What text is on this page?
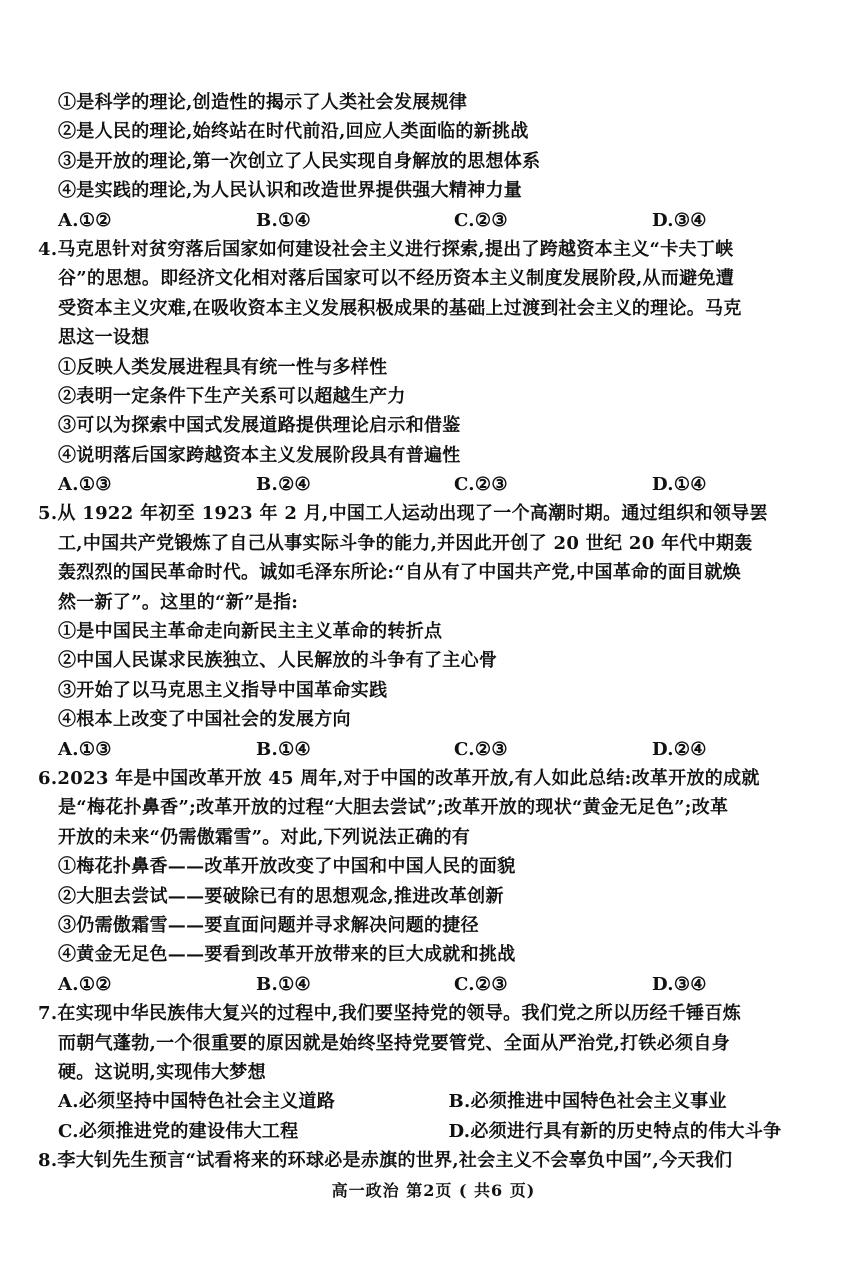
①是科学的理论,创造性的揭示了人类社会发展规律
②是人民的理论,始终站在时代前沿,回应人类面临的新挑战
③是开放的理论,第一次创立了人民实现自身解放的思想体系
④是实践的理论,为人民认识和改造世界提供强大精神力量
A.①②	B.①④	C.②③	D.③④
4.马克思针对贫穷落后国家如何建设社会主义进行探索,提出了跨越资本主义“卡夫丁峡
谷”的思想。即经济文化相对落后国家可以不经历资本主义制度发展阶段,从而避免遭
受资本主义灾难,在吸收资本主义发展积极成果的基础上过渡到社会主义的理论。马克
思这一设想
①反映人类发展进程具有统一性与多样性
②表明一定条件下生产关系可以超越生产力
③可以为探索中国式发展道路提供理论启示和借鉴
④说明落后国家跨越资本主义发展阶段具有普遍性
A.①③	B.②④	C.②③	D.①④
5.从 1922 年初至 1923 年 2 月,中国工人运动出现了一个高潮时期。通过组织和领导罢
工,中国共产党锻炼了自己从事实际斗争的能力,并因此开创了 20 世纪 20 年代中期轰
轰烈烈的国民革命时代。诚如毛泽东所论:“自从有了中国共产党,中国革命的面目就焕
然一新了”。这里的“新”是指:
①是中国民主革命走向新民主主义革命的转折点
②中国人民谋求民族独立、人民解放的斗争有了主心骨
③开始了以马克思主义指导中国革命实践
④根本上改变了中国社会的发展方向
A.①③	B.①④	C.②③	D.②④
6.2023 年是中国改革开放 45 周年,对于中国的改革开放,有人如此总结:改革开放的成就
是“梅花扑鼻香”;改革开放的过程“大胆去尝试”;改革开放的现状“黄金无足色”;改革
开放的未来“仍需傲霜雪”。对此,下列说法正确的有
①梅花扑鼻香——改革开放改变了中国和中国人民的面貌
②大胆去尝试——要破除已有的思想观念,推进改革创新
③仍需傲霜雪——要直面问题并寻求解决问题的捷径
④黄金无足色——要看到改革开放带来的巨大成就和挑战
A.①②	B.①④	C.②③	D.③④
7.在实现中华民族伟大复兴的过程中,我们要坚持党的领导。我们党之所以历经千锤百炼
而朝气蓬勃,一个很重要的原因就是始终坚持党要管党、全面从严治党,打铁必须自身
硬。这说明,实现伟大梦想
A.必须坚持中国特色社会主义道路	B.必须推进中国特色社会主义事业
C.必须推进党的建设伟大工程	D.必须进行具有新的历史特点的伟大斗争
8.李大钊先生预言“试看将来的环球必是赤旗的世界,社会主义不会辜负中国”,今天我们
高一政治 第2页 ( 共6 页)
